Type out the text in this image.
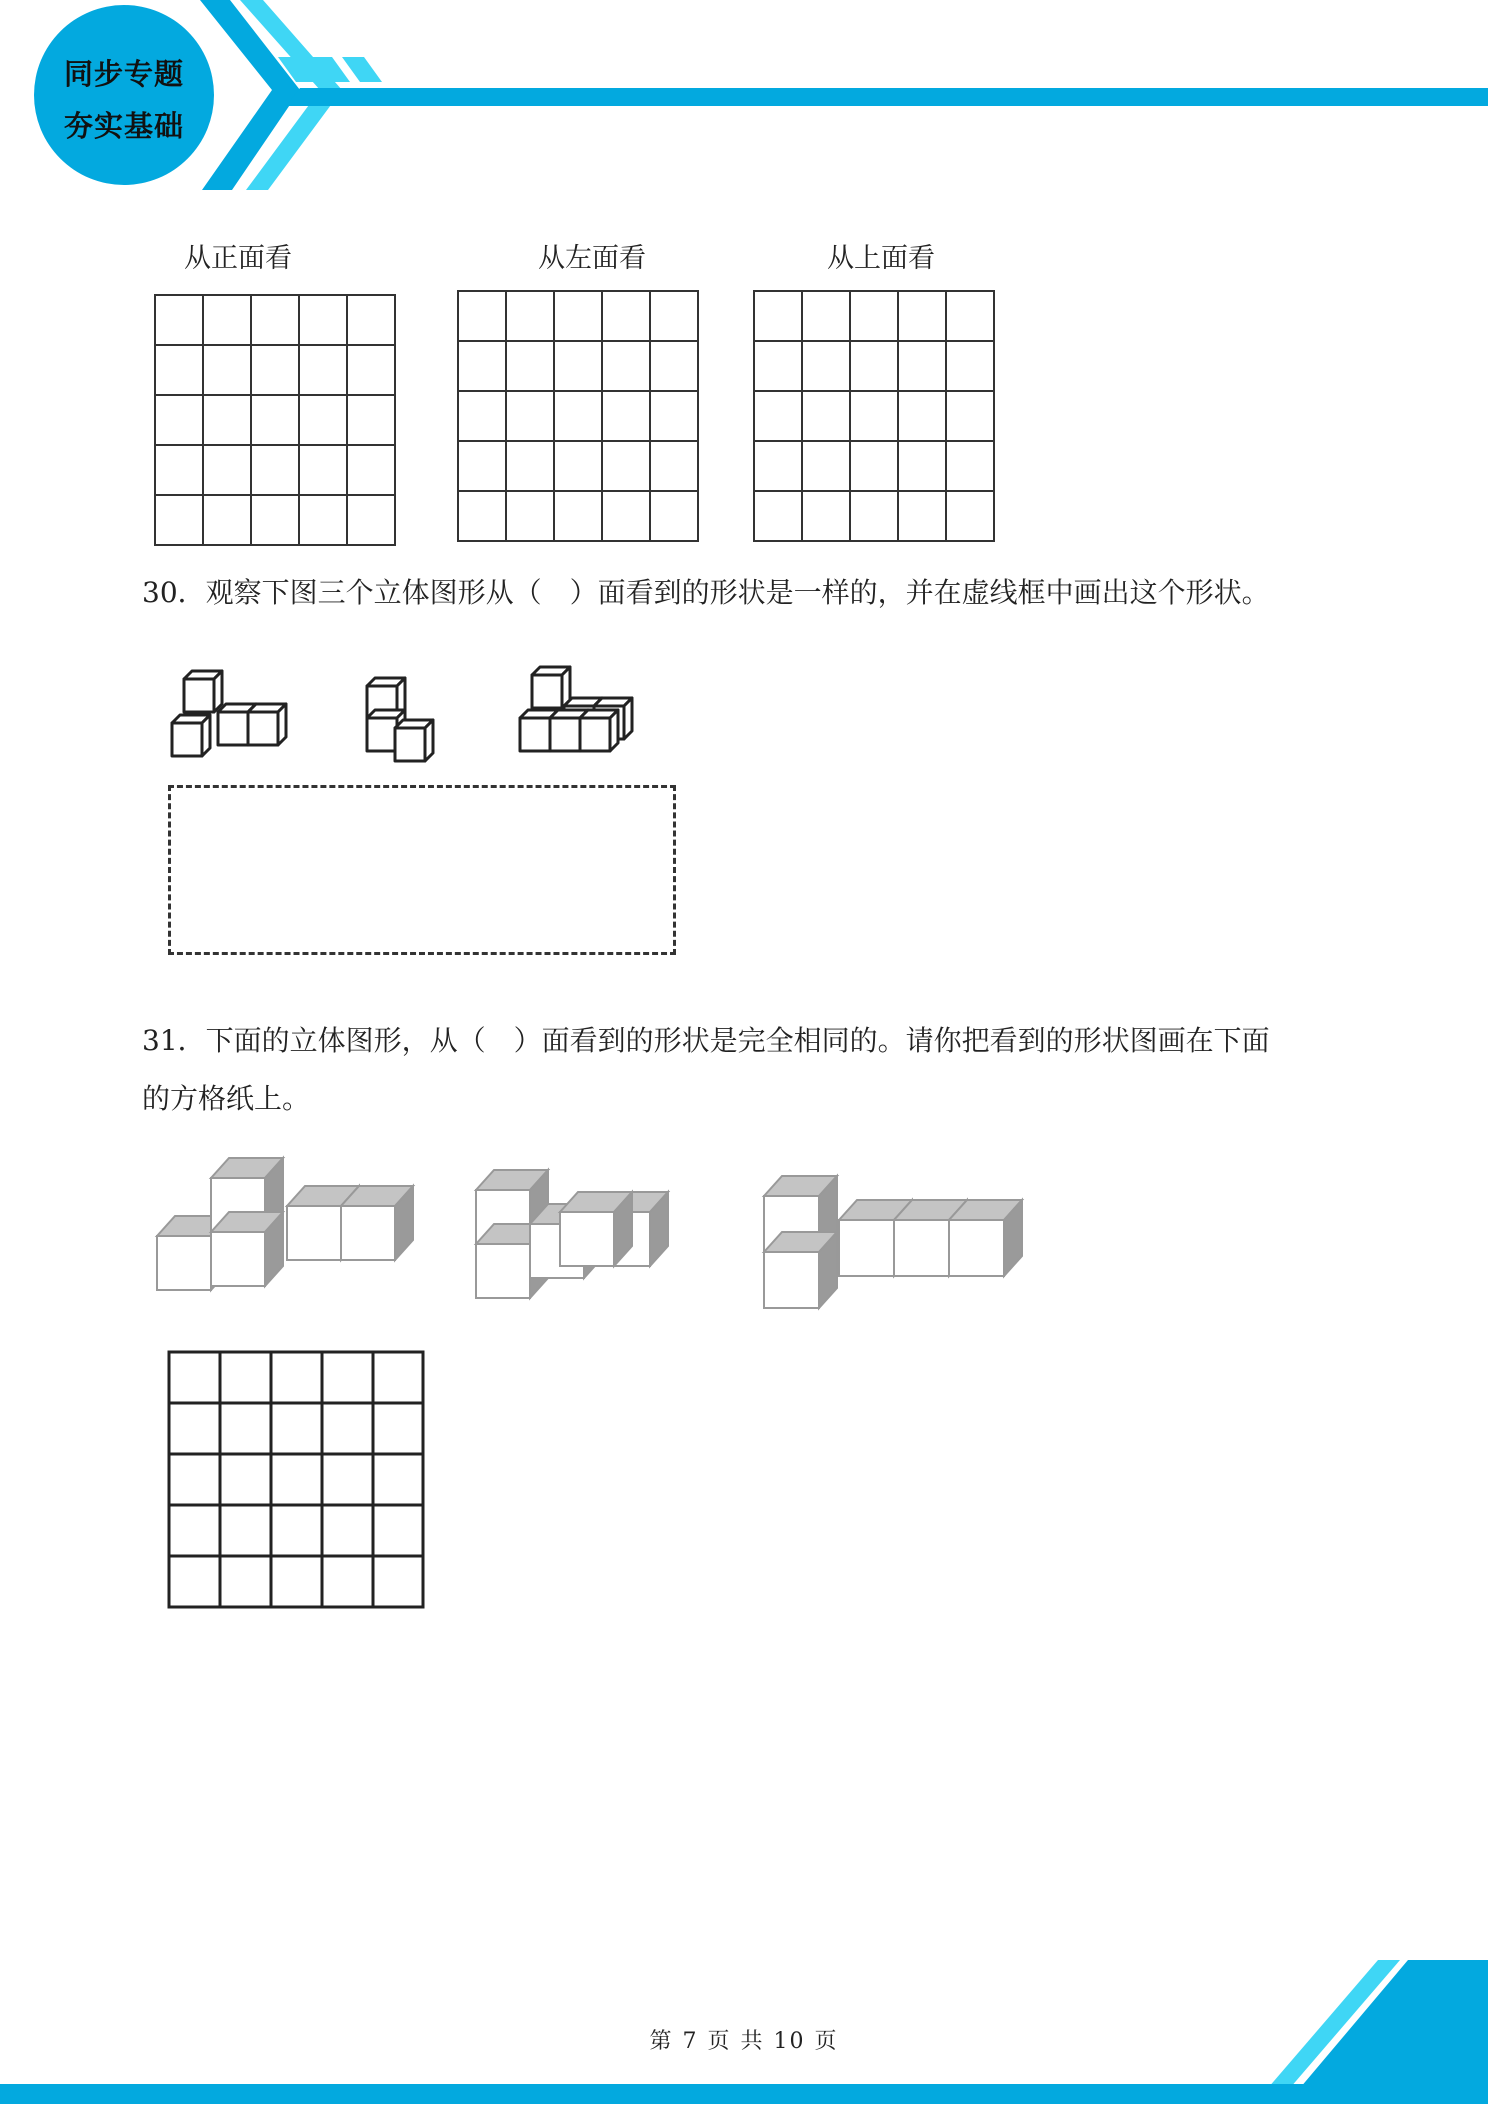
同步专题
夯实基础
从正面看	从左面看	从上面看
30．观察下图三个立体图形从（　）面看到的形状是一样的，并在虚线框中画出这个形状。
31．下面的立体图形，从（　）面看到的形状是完全相同的。请你把看到的形状图画在下面
的方格纸上。
第 7 页 共 10 页
